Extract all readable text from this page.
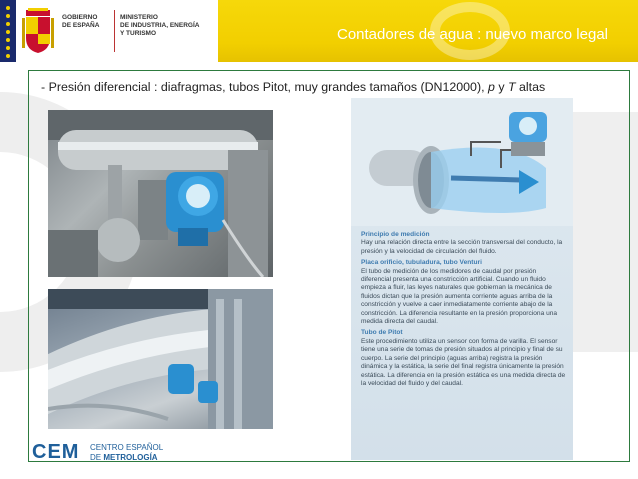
GOBIERNO
DE ESPAÑA
MINISTERIO
DE INDUSTRIA, ENERGÍA
Y TURISMO	Contadores de agua : nuevo marco legal
- Presión diferencial : diafragmas, tubos Pitot, muy grandes tamaños (DN12000), p y T altas

Principio de medición

Hay una relación directa entre la sección transversal del conducto, la presión y la velocidad de circulación del fluido.

Placa orificio, tubuladura, tubo Venturi

El tubo de medición de los medidores de caudal por presión diferencial presenta una constricción artificial. Cuando un fluido empieza a fluir, las leyes naturales que gobiernan la mecánica de fluidos dictan que la presión aumenta corriente aguas arriba de la constricción y vuelve a caer inmediatamente corriente abajo de la constricción. La diferencia resultante en la presión proporciona una medida directa del caudal.

Tubo de Pitot

Este procedimiento utiliza un sensor con forma de varilla. El sensor tiene una serie de tomas de presión situados al principio y final de su cuerpo. La serie del principio (aguas arriba) registra la presión dinámica y la estática, la serie del final registra únicamente la presión estática. La diferencia en la presión estática es una medida directa de la velocidad del fluido y del caudal.

CEM CENTRO ESPAÑOL
DE METROLOGÍA
